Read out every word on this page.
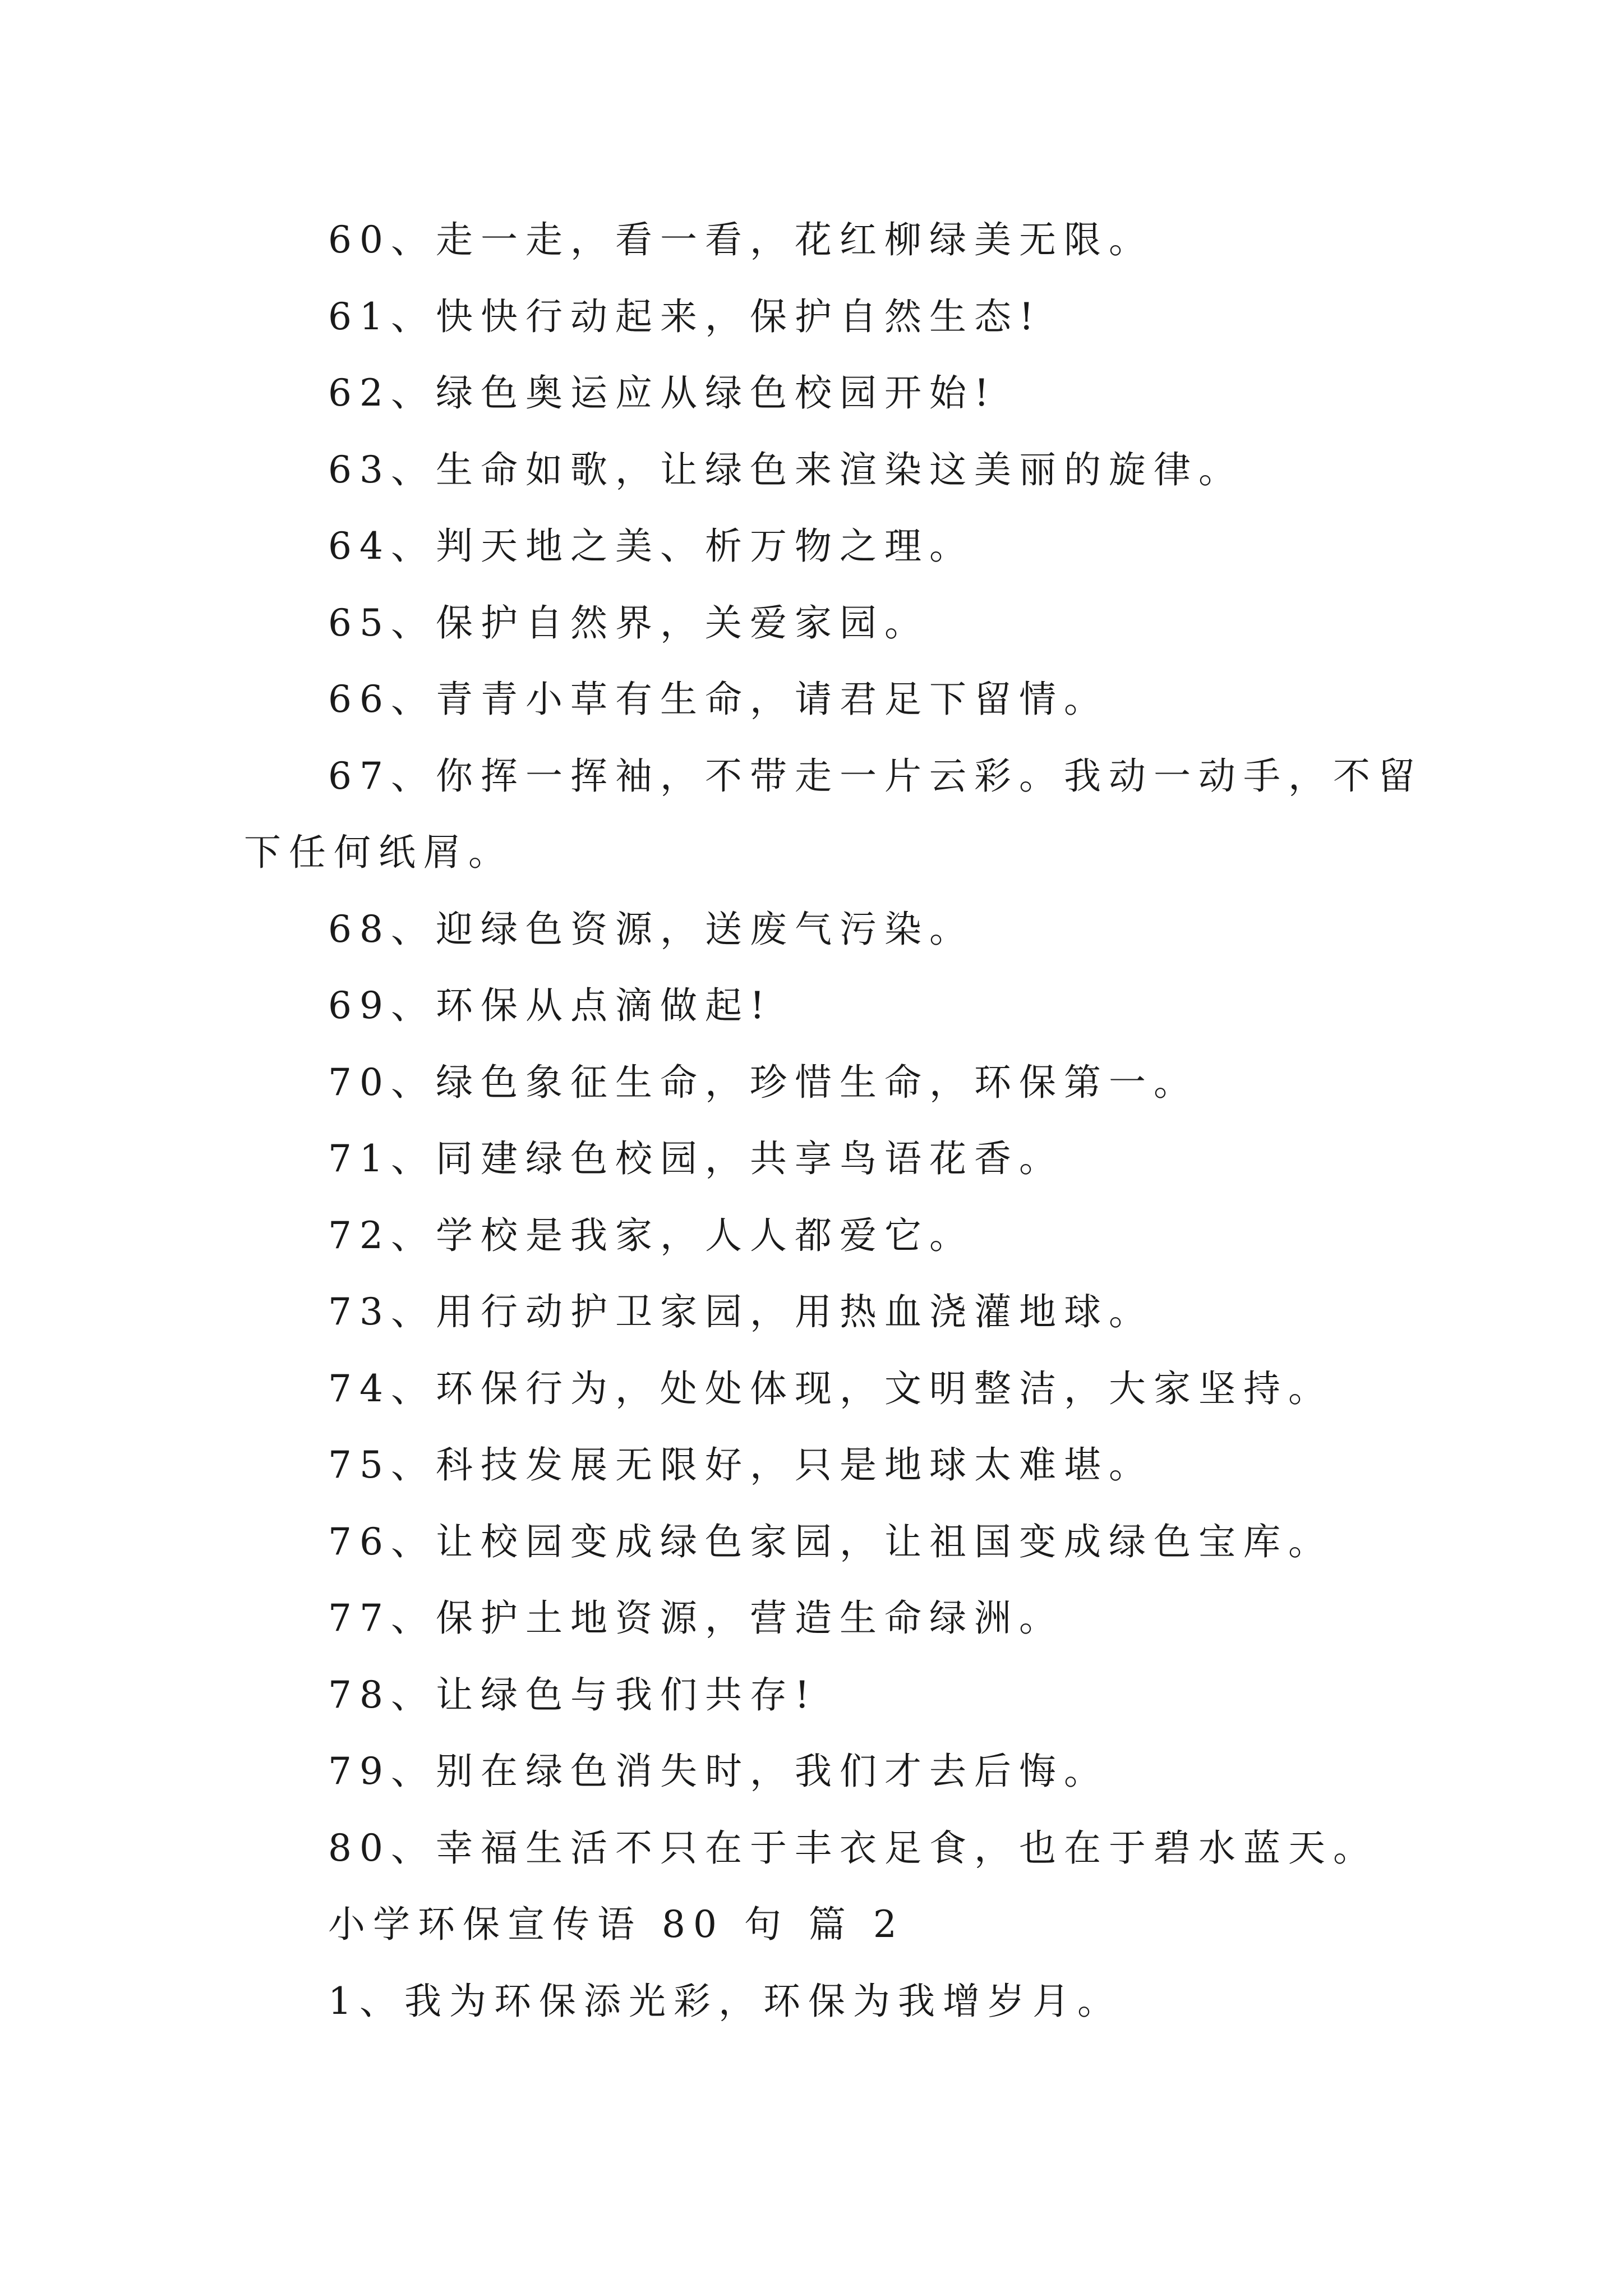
60、走一走，看一看，花红柳绿美无限。
61、快快行动起来，保护自然生态!
62、绿色奥运应从绿色校园开始!
63、生命如歌，让绿色来渲染这美丽的旋律。
64、判天地之美、析万物之理。
65、保护自然界，关爱家园。
66、青青小草有生命，请君足下留情。
67、你挥一挥袖，不带走一片云彩。我动一动手，不留
下任何纸屑。
68、迎绿色资源，送废气污染。
69、环保从点滴做起!
70、绿色象征生命，珍惜生命，环保第一。
71、同建绿色校园，共享鸟语花香。
72、学校是我家，人人都爱它。
73、用行动护卫家园，用热血浇灌地球。
74、环保行为，处处体现，文明整洁，大家坚持。
75、科技发展无限好，只是地球太难堪。
76、让校园变成绿色家园，让祖国变成绿色宝库。
77、保护土地资源，营造生命绿洲。
78、让绿色与我们共存!
79、别在绿色消失时，我们才去后悔。
80、幸福生活不只在于丰衣足食，也在于碧水蓝天。
小学环保宣传语 80 句 篇 2
1、我为环保添光彩，环保为我增岁月。
